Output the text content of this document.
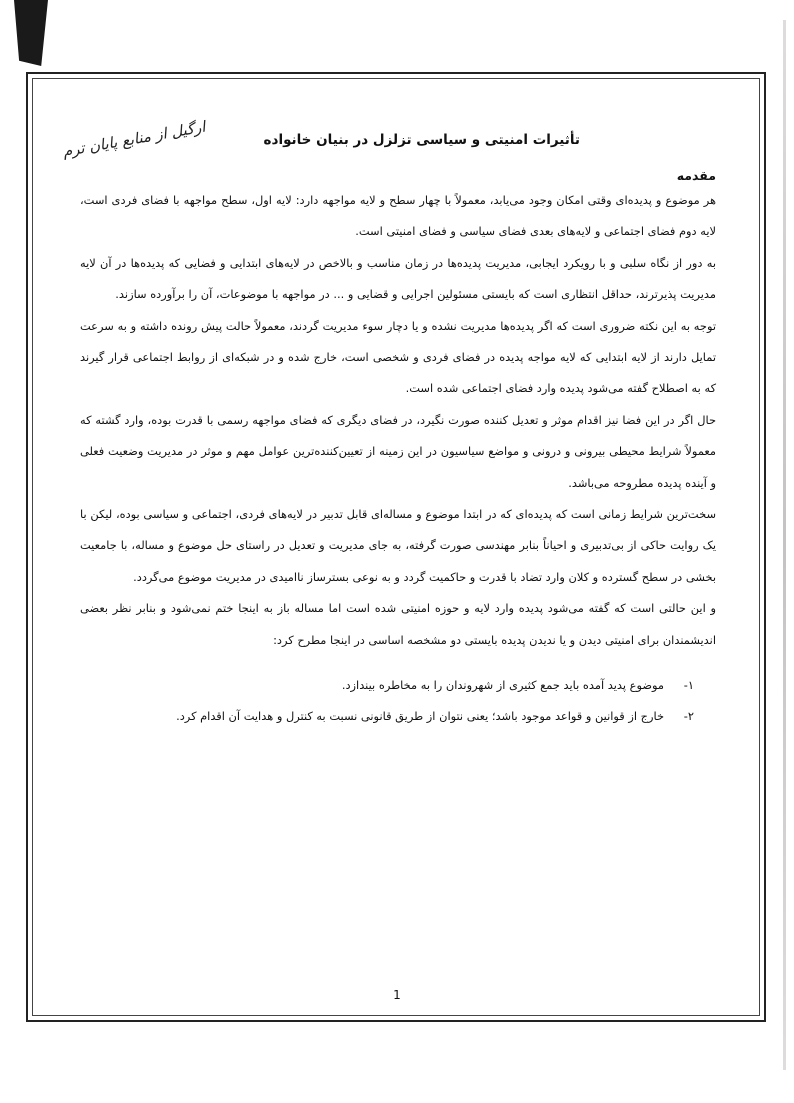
تأثیرات امنیتی و سیاسی تزلزل در بنیان خانواده
ارگیل از منابع پایان ترم
مقدمه

هر موضوع و پدیده‌ای وقتی امکان وجود می‌یابد، معمولاً با چهار سطح و لایه مواجهه دارد: لایه اول، سطح مواجهه با فضای فردی است، لایه دوم فضای اجتماعی و لایه‌های بعدی فضای سیاسی و فضای امنیتی است.

به دور از نگاه سلبی و با رویکرد ایجابی، مدیریت پدیده‌ها در زمان مناسب و بالاخص در لایه‌های ابتدایی و فضایی که پدیده‌ها در آن لایه مدیریت پذیرترند، حداقل انتظاری است که بایستی مسئولین اجرایی و قضایی و ... در مواجهه با موضوعات، آن را برآورده سازند.

توجه به این نکته ضروری است که اگر پدیده‌ها مدیریت نشده و یا دچار سوء مدیریت گردند، معمولاً حالت پیش رونده داشته و به سرعت تمایل دارند از لایه ابتدایی که لایه مواجه پدیده در فضای فردی و شخصی است، خارج شده و در شبکه‌ای از روابط اجتماعی قرار گیرند که به اصطلاح گفته می‌شود پدیده وارد فضای اجتماعی شده است.

حال اگر در این فضا نیز اقدام موثر و تعدیل کننده صورت نگیرد، در فضای دیگری که فضای مواجهه رسمی با قدرت بوده، وارد گشته که معمولاً شرایط محیطی بیرونی و درونی و مواضع سیاسیون در این زمینه از تعیین‌کننده‌ترین عوامل مهم و موثر در مدیریت وضعیت فعلی و آینده پدیده مطروحه می‌باشد.

سخت‌ترین شرایط زمانی است که پدیده‌ای که در ابتدا موضوع و مساله‌ای قابل تدبیر در لایه‌های فردی، اجتماعی و سیاسی بوده، لیکن با یک روایت حاکی از بی‌تدبیری و احیاناً بنابر مهندسی صورت گرفته، به جای مدیریت و تعدیل در راستای حل موضوع و مساله، با جامعیت بخشی در سطح گسترده و کلان وارد تضاد با قدرت و حاکمیت گردد و به نوعی بسترساز ناامیدی در مدیریت موضوع می‌گردد.

و این حالتی است که گفته می‌شود پدیده وارد لایه و حوزه امنیتی شده است اما مساله باز به اینجا ختم نمی‌شود و بنابر نظر بعضی اندیشمندان برای امنیتی دیدن و یا ندیدن پدیده بایستی دو مشخصه اساسی در اینجا مطرح کرد:

۱-
موضوع پدید آمده باید جمع کثیری از شهروندان را به مخاطره بیندازد.
۲-
خارج از قوانین و قواعد موجود باشد؛ یعنی نتوان از طریق قانونی نسبت به کنترل و هدایت آن اقدام کرد.
1
